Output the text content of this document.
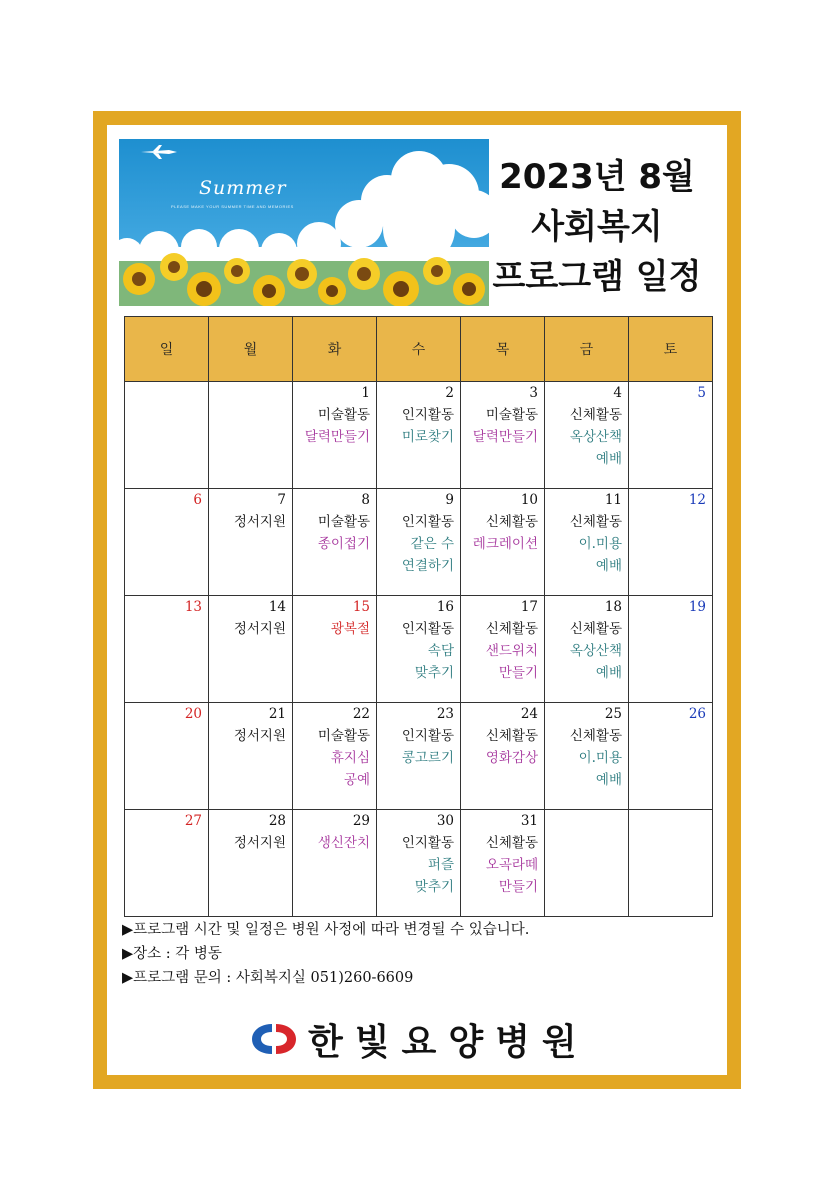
Summer
PLEASE MAKE YOUR SUMMER TIME AND MEMORIES
2023년 8월
사회복지
프로그램 일정
일	월	화	수	목	금	토

		1
미술활동
달력만들기	2
인지활동
미로찾기	3
미술활동
달력만들기	4
신체활동
옥상산책
예배	5

6	7
정서지원	8
미술활동
종이접기	9
인지활동
같은 수
연결하기	10
신체활동
레크레이션	11
신체활동
이.미용
예배	12

13	14
정서지원	15
광복절	16
인지활동
속담
맞추기	17
신체활동
샌드위치
만들기	18
신체활동
옥상산책
예배	19

20	21
정서지원	22
미술활동
휴지심
공예	23
인지활동
콩고르기	24
신체활동
영화감상	25
신체활동
이.미용
예배	26

27	28
정서지원	29
생신잔치	30
인지활동
퍼즐
맞추기	31
신체활동
오곡라떼
만들기		

▶프로그램 시간 및 일정은 병원 사정에 따라 변경될 수 있습니다.
▶장소 : 각 병동
▶프로그램 문의 : 사회복지실 051)260-6609
한빛요양병원
